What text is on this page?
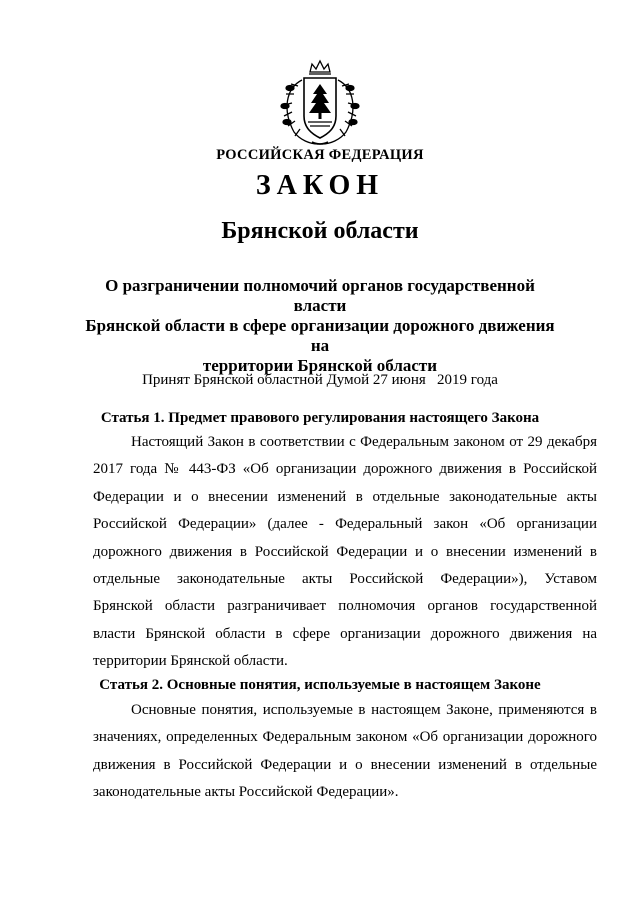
РОССИЙСКАЯ ФЕДЕРАЦИЯ
ЗАКОН
Брянской области
О разграничении полномочий органов государственной власти
Брянской области в сфере организации дорожного движения на
территории Брянской области
Принят Брянской областной Думой 27 июня   2019 года
Статья 1. Предмет правового регулирования настоящего Закона
Настоящий Закон в соответствии с Федеральным законом от 29 декабря
2017 года № 443-ФЗ «Об организации дорожного движения в Российской
Федерации и о внесении изменений в отдельные законодательные акты
Российской Федерации» (далее - Федеральный закон «Об организации
дорожного движения в Российской Федерации и о внесении изменений в
отдельные законодательные акты Российской Федерации»), Уставом
Брянской области разграничивает полномочия органов государственной
власти Брянской области в сфере организации дорожного движения на
территории Брянской области.
Статья 2. Основные понятия, используемые в настоящем Законе
Основные понятия, используемые в настоящем Законе, применяются в
значениях, определенных Федеральным законом «Об организации дорожного
движения в Российской Федерации и о внесении изменений в отдельные
законодательные акты Российской Федерации».
